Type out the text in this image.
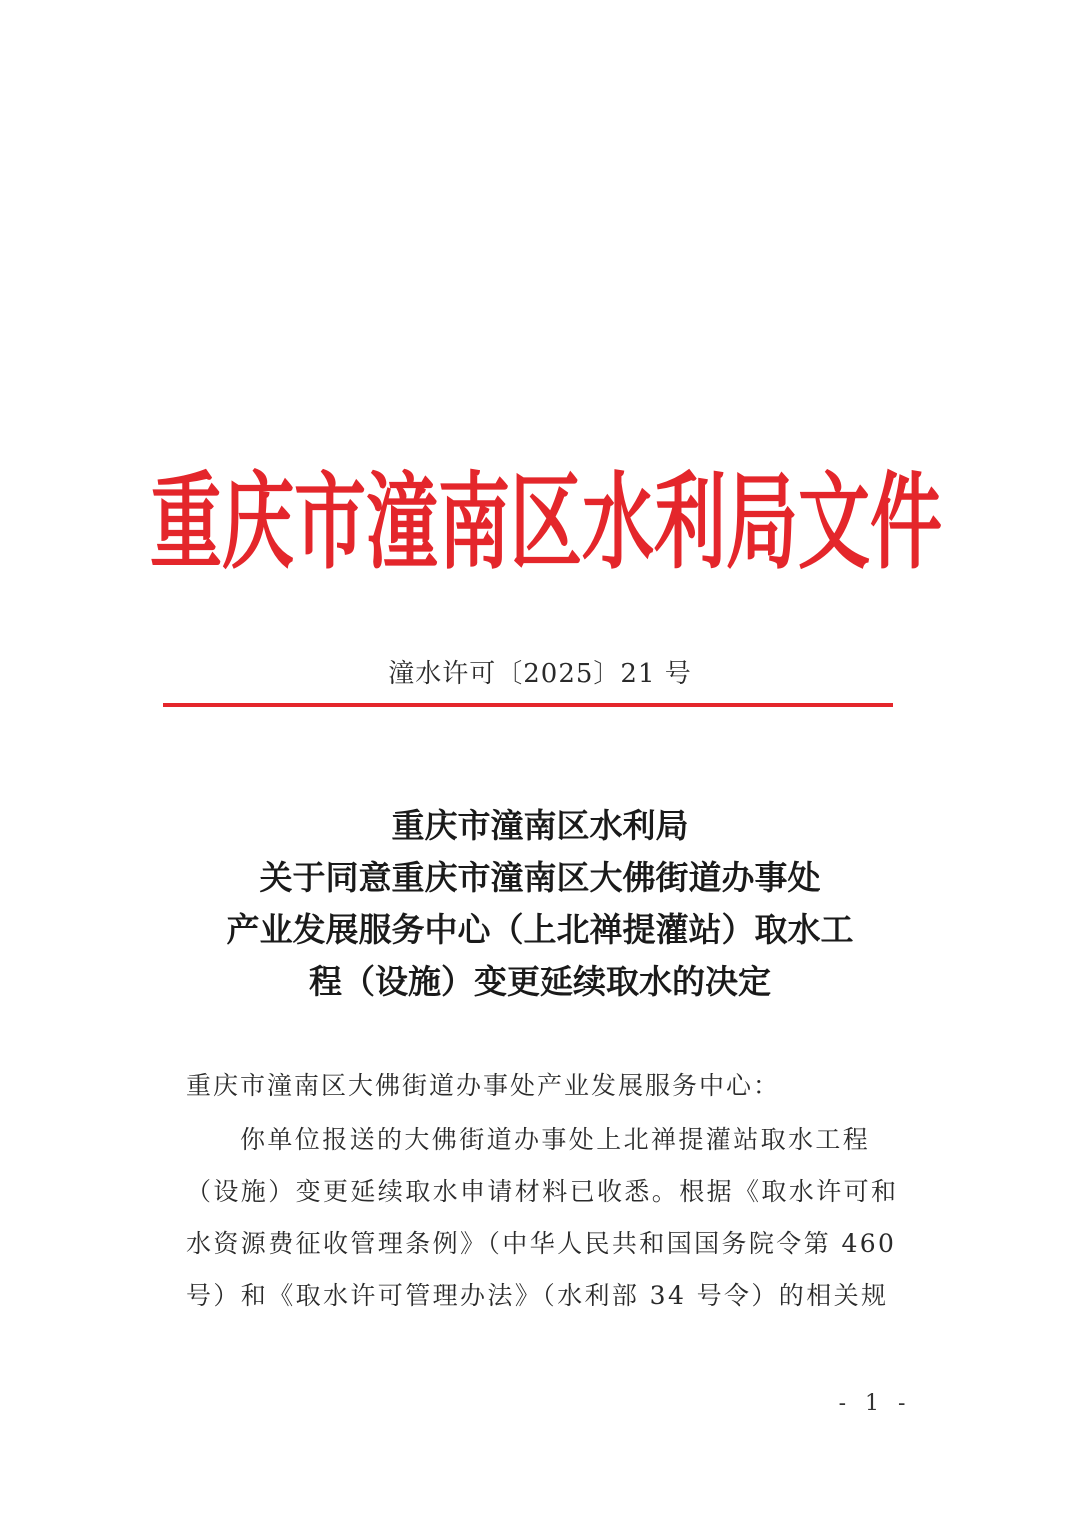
重庆市潼南区水利局文件
潼水许可〔2025〕21 号
重庆市潼南区水利局
关于同意重庆市潼南区大佛街道办事处
产业发展服务中心（上北禅提灌站）取水工
程（设施）变更延续取水的决定
重庆市潼南区大佛街道办事处产业发展服务中心：
你单位报送的大佛街道办事处上北禅提灌站取水工程
（设施）变更延续取水申请材料已收悉。根据《取水许可和
水资源费征收管理条例》（中华人民共和国国务院令第 460
号）和《取水许可管理办法》（水利部 34 号令）的相关规
- 1 -
